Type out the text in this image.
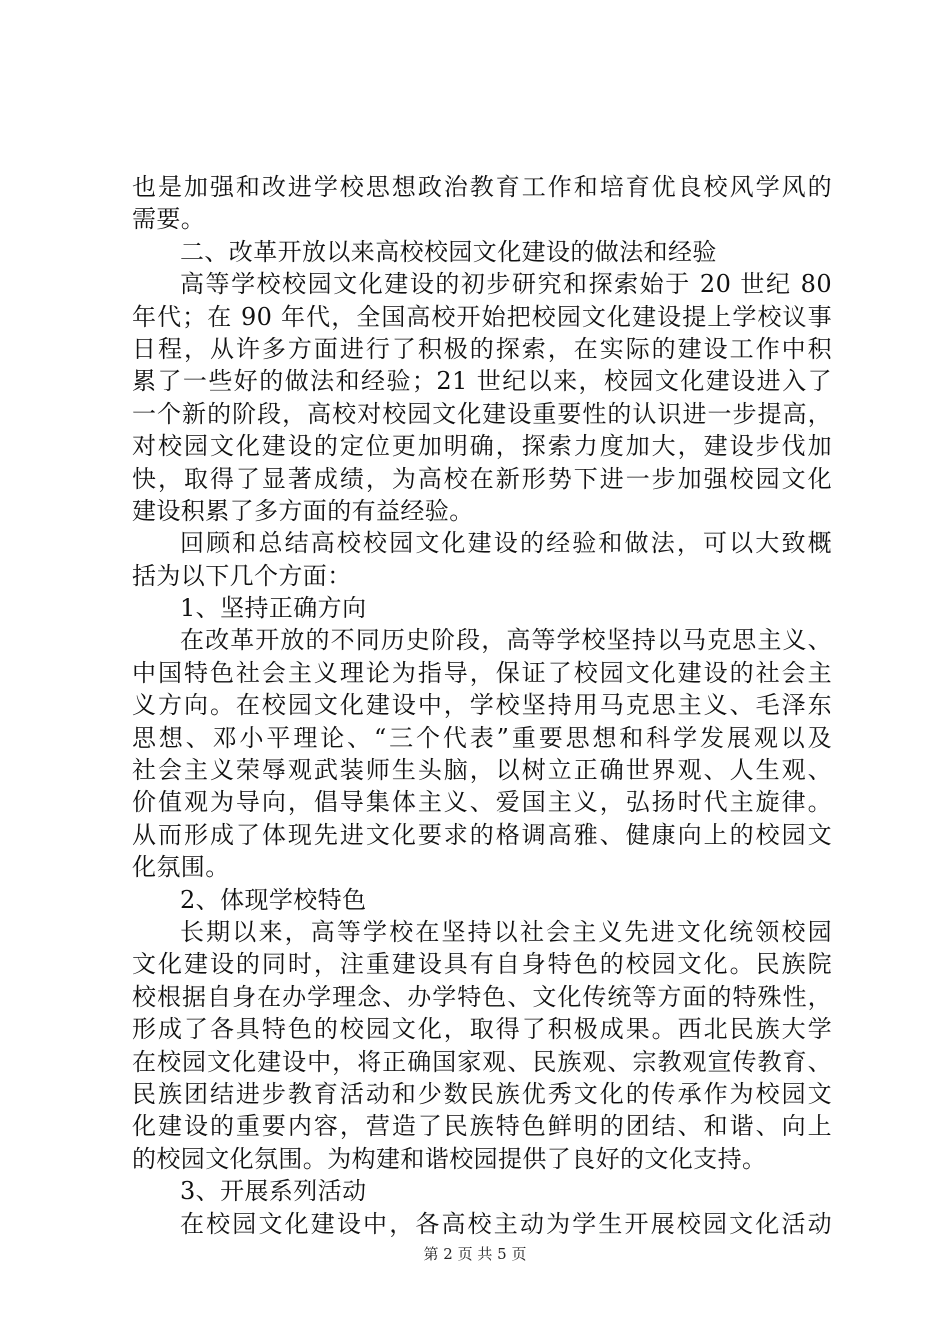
也是加强和改进学校思想政治教育工作和培育优良校风学风的
需要。
二、改革开放以来高校校园文化建设的做法和经验
高等学校校园文化建设的初步研究和探索始于 20 世纪 80
年代；在 90 年代，全国高校开始把校园文化建设提上学校议事
日程，从许多方面进行了积极的探索，在实际的建设工作中积
累了一些好的做法和经验；21 世纪以来，校园文化建设进入了
一个新的阶段，高校对校园文化建设重要性的认识进一步提高，
对校园文化建设的定位更加明确，探索力度加大，建设步伐加
快，取得了显著成绩，为高校在新形势下进一步加强校园文化
建设积累了多方面的有益经验。
回顾和总结高校校园文化建设的经验和做法，可以大致概
括为以下几个方面：
1、坚持正确方向
在改革开放的不同历史阶段，高等学校坚持以马克思主义、
中国特色社会主义理论为指导，保证了校园文化建设的社会主
义方向。在校园文化建设中，学校坚持用马克思主义、毛泽东
思想、邓小平理论、“三个代表”重要思想和科学发展观以及
社会主义荣辱观武装师生头脑，以树立正确世界观、人生观、
价值观为导向，倡导集体主义、爱国主义，弘扬时代主旋律。
从而形成了体现先进文化要求的格调高雅、健康向上的校园文
化氛围。
2、体现学校特色
长期以来，高等学校在坚持以社会主义先进文化统领校园
文化建设的同时，注重建设具有自身特色的校园文化。民族院
校根据自身在办学理念、办学特色、文化传统等方面的特殊性，
形成了各具特色的校园文化，取得了积极成果。西北民族大学
在校园文化建设中，将正确国家观、民族观、宗教观宣传教育、
民族团结进步教育活动和少数民族优秀文化的传承作为校园文
化建设的重要内容，营造了民族特色鲜明的团结、和谐、向上
的校园文化氛围。为构建和谐校园提供了良好的文化支持。
3、开展系列活动
在校园文化建设中，各高校主动为学生开展校园文化活动
第 2 页 共 5 页
